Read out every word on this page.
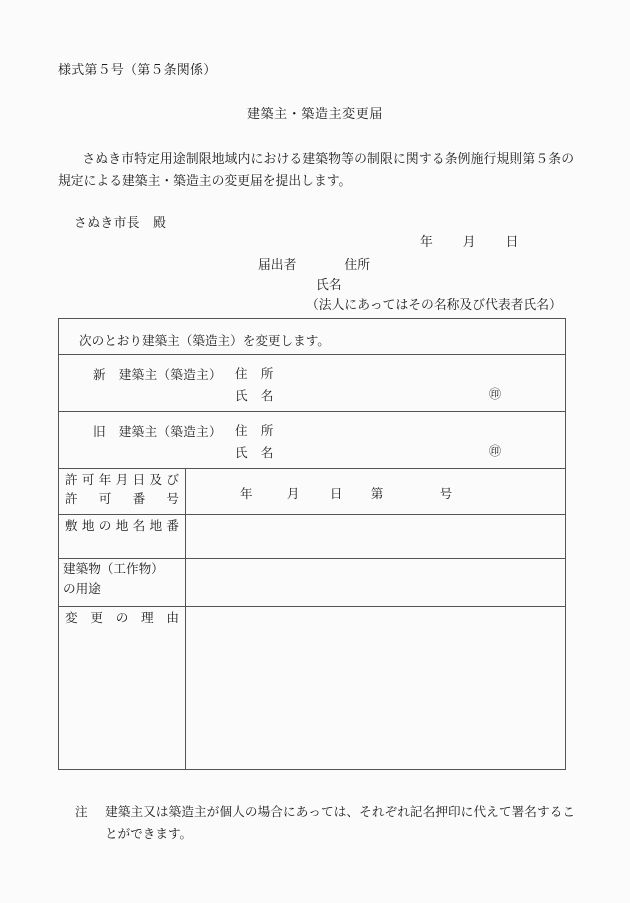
様式第５号（第５条関係）
建築主・築造主変更届
さぬき市特定用途制限地域内における建築物等の制限に関する条例施行規則第５条の規定による建築主・築造主の変更届を提出します。
さぬき市長　殿
年 月 日
届出者	住所
氏名
（法人にあってはその名称及び代表者氏名）
次のとおり建築主（築造主）を変更します。	

新　建築主（築造主） 住　所
氏　名 ㊞	

旧　建築主（築造主） 住　所
氏　名 ㊞	

許可年月日及び
許可番号	年 月 日 第 号

敷地の地名地番	

建築物（工作物）
の用途	

変更の理由	

注 建築主又は築造主が個人の場合にあっては、それぞれ記名押印に代えて署名することができます。
